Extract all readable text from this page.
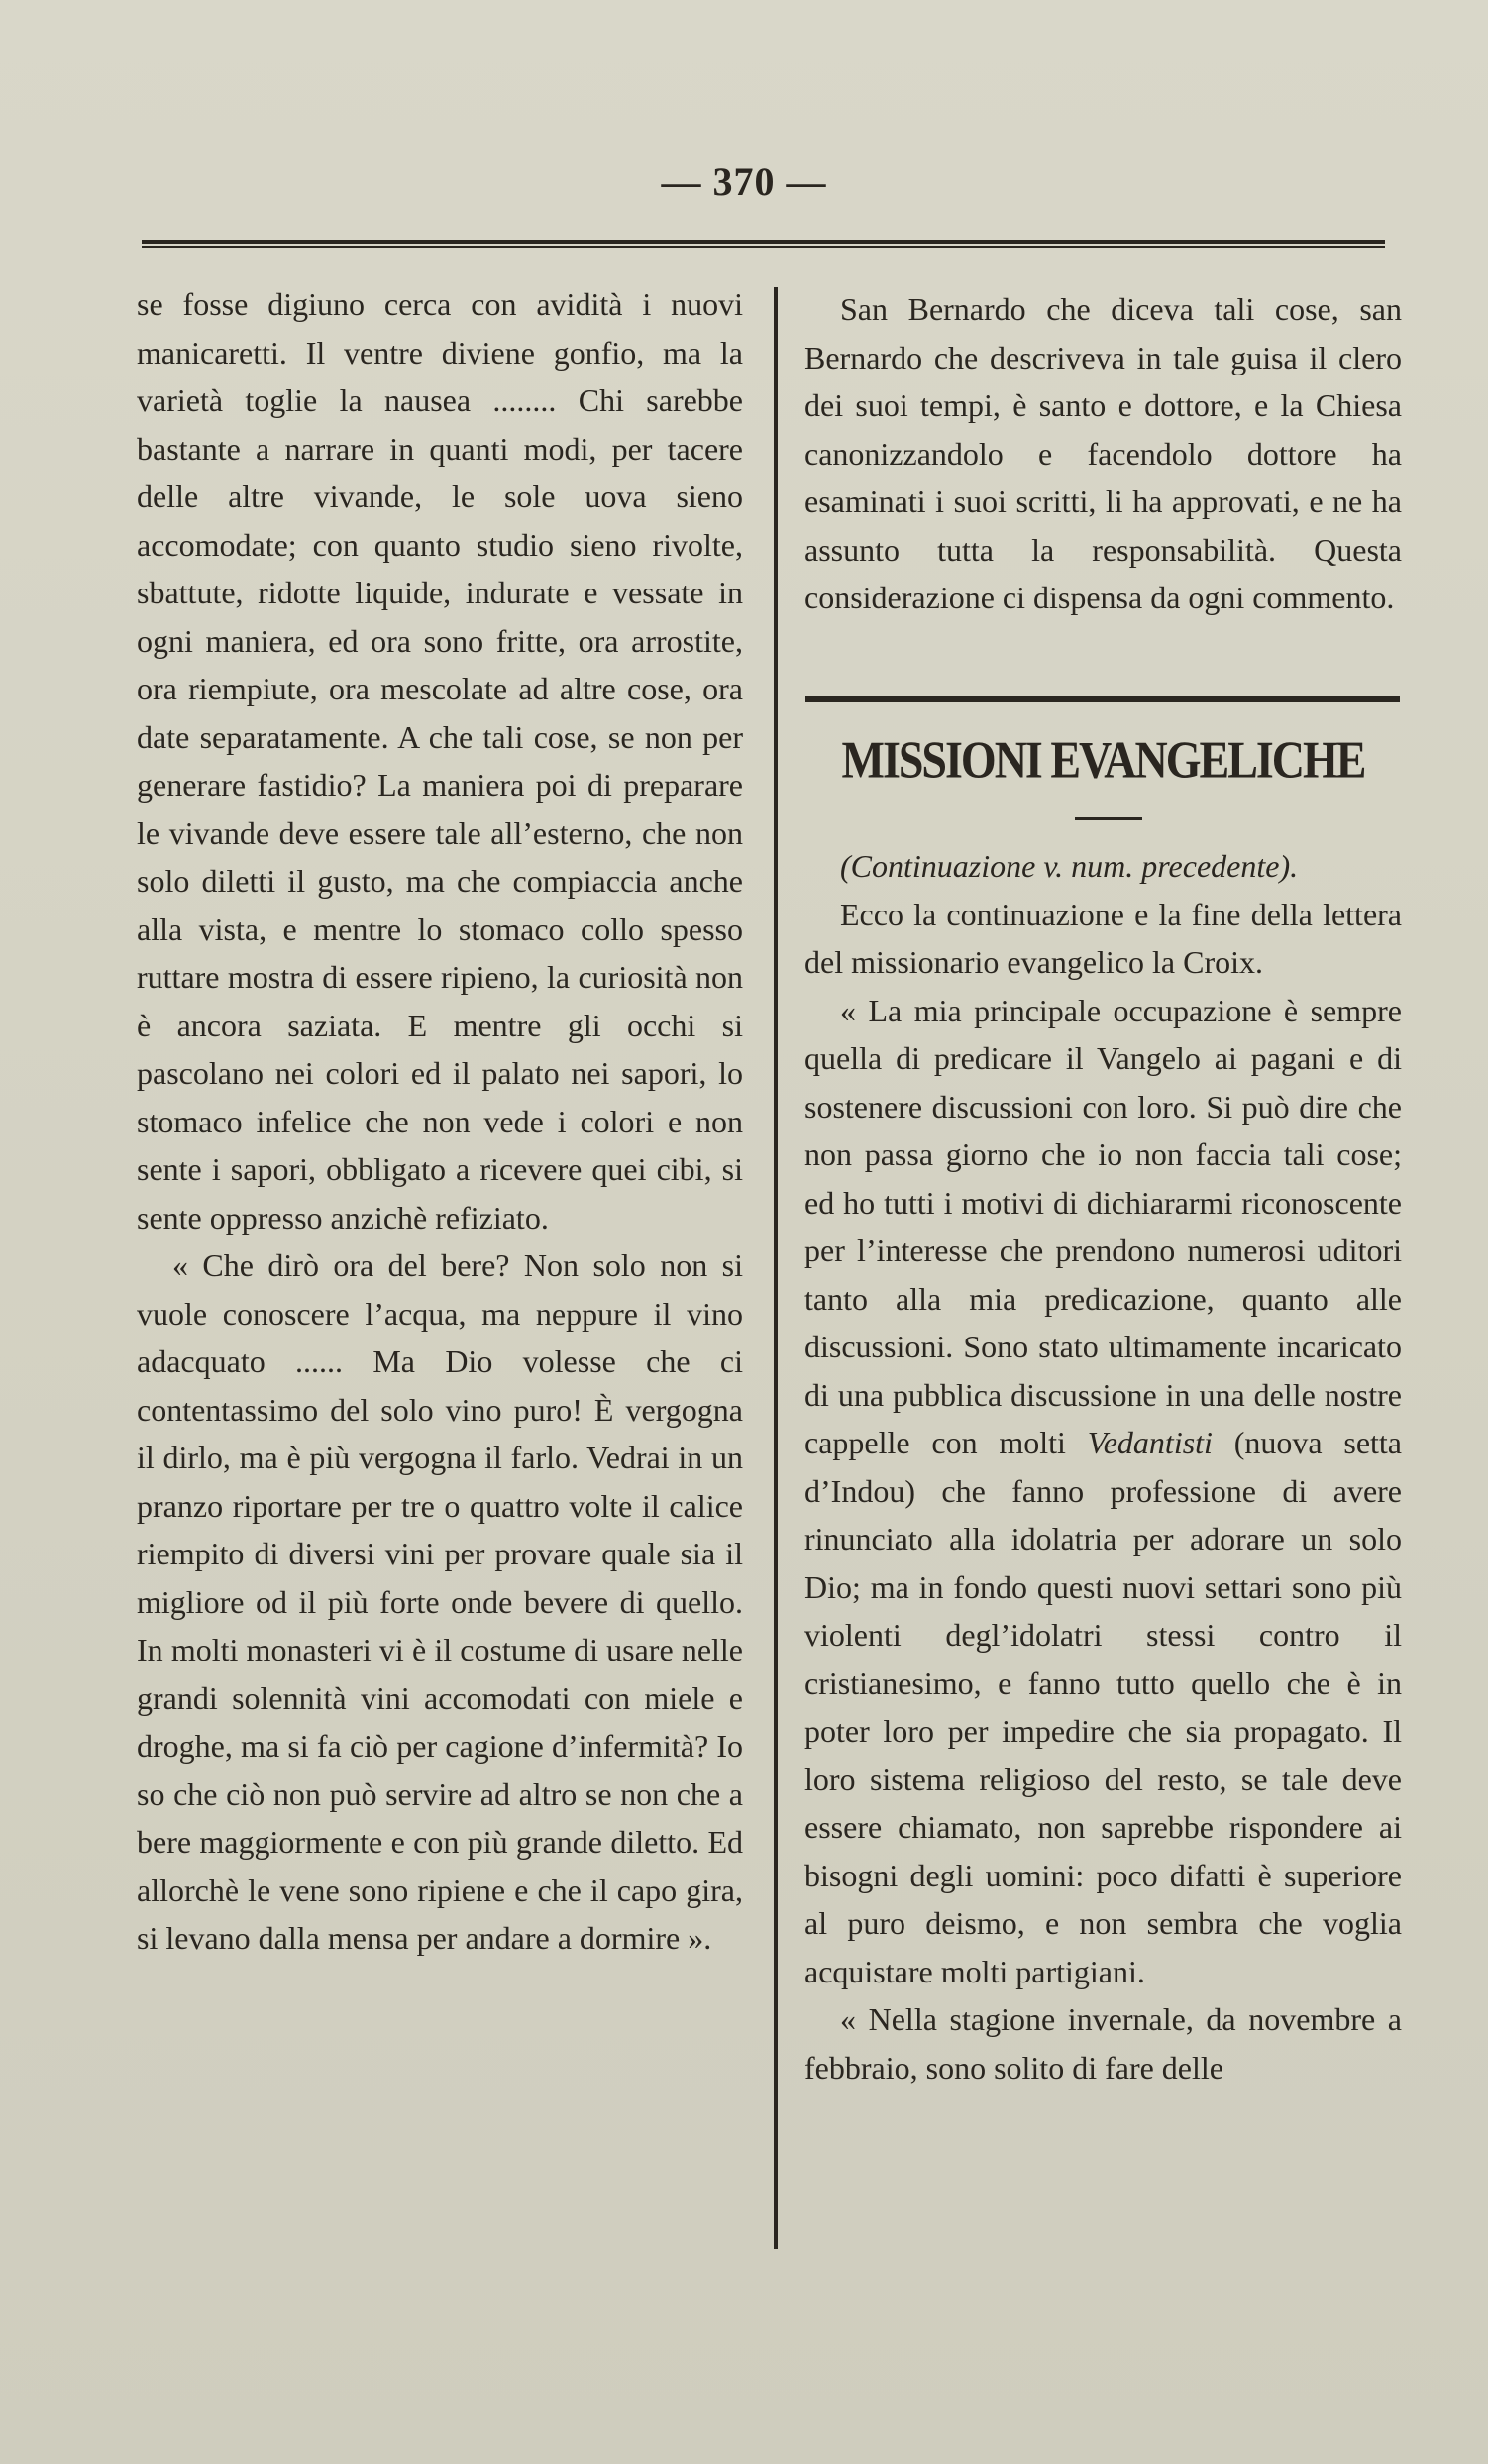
— 370 —

se fosse digiuno cerca con avidità i nuovi manicaretti. Il ventre diviene gonfio, ma la varietà toglie la nausea ........ Chi sarebbe bastante a narrare in quanti modi, per tacere delle altre vivande, le sole uova sieno accomodate; con quanto studio sieno rivolte, sbattute, ridotte liquide, indurate e vessate in ogni maniera, ed ora sono fritte, ora arrostite, ora riempiute, ora mescolate ad altre cose, ora date separatamente. A che tali cose, se non per generare fastidio? La maniera poi di preparare le vivande deve essere tale all’esterno, che non solo diletti il gusto, ma che compiaccia anche alla vista, e mentre lo stomaco collo spesso ruttare mostra di essere ripieno, la curiosità non è ancora saziata. E mentre gli occhi si pascolano nei colori ed il palato nei sapori, lo stomaco infelice che non vede i colori e non sente i sapori, obbligato a ricevere quei cibi, si sente oppresso anzichè refiziato.

« Che dirò ora del bere? Non solo non si vuole conoscere l’acqua, ma neppure il vino adacquato ...... Ma Dio volesse che ci contentassimo del solo vino puro! È vergogna il dirlo, ma è più vergogna il farlo. Vedrai in un pranzo riportare per tre o quattro volte il calice riempito di diversi vini per provare quale sia il migliore od il più forte onde bevere di quello. In molti monasteri vi è il costume di usare nelle grandi solennità vini accomodati con miele e droghe, ma si fa ciò per cagione d’infermità? Io so che ciò non può servire ad altro se non che a bere maggiormente e con più grande diletto. Ed allorchè le vene sono ripiene e che il capo gira, si levano dalla mensa per andare a dormire ».

San Bernardo che diceva tali cose, san Bernardo che descriveva in tale guisa il clero dei suoi tempi, è santo e dottore, e la Chiesa canonizzandolo e facendolo dottore ha esaminati i suoi scritti, li ha approvati, e ne ha assunto tutta la responsabilità. Questa considerazione ci dispensa da ogni commento.

MISSIONI EVANGELICHE

(Continuazione v. num. precedente).

Ecco la continuazione e la fine della lettera del missionario evangelico la Croix.

« La mia principale occupazione è sempre quella di predicare il Vangelo ai pagani e di sostenere discussioni con loro. Si può dire che non passa giorno che io non faccia tali cose; ed ho tutti i motivi di dichiararmi riconoscente per l’interesse che prendono numerosi uditori tanto alla mia predicazione, quanto alle discussioni. Sono stato ultimamente incaricato di una pubblica discussione in una delle nostre cappelle con molti Vedantisti (nuova setta d’Indou) che fanno professione di avere rinunciato alla idolatria per adorare un solo Dio; ma in fondo questi nuovi settari sono più violenti degl’idolatri stessi contro il cristianesimo, e fanno tutto quello che è in poter loro per impedire che sia propagato. Il loro sistema religioso del resto, se tale deve essere chiamato, non saprebbe rispondere ai bisogni degli uomini: poco difatti è superiore al puro deismo, e non sembra che voglia acquistare molti partigiani.

« Nella stagione invernale, da novembre a febbraio, sono solito di fare delle
